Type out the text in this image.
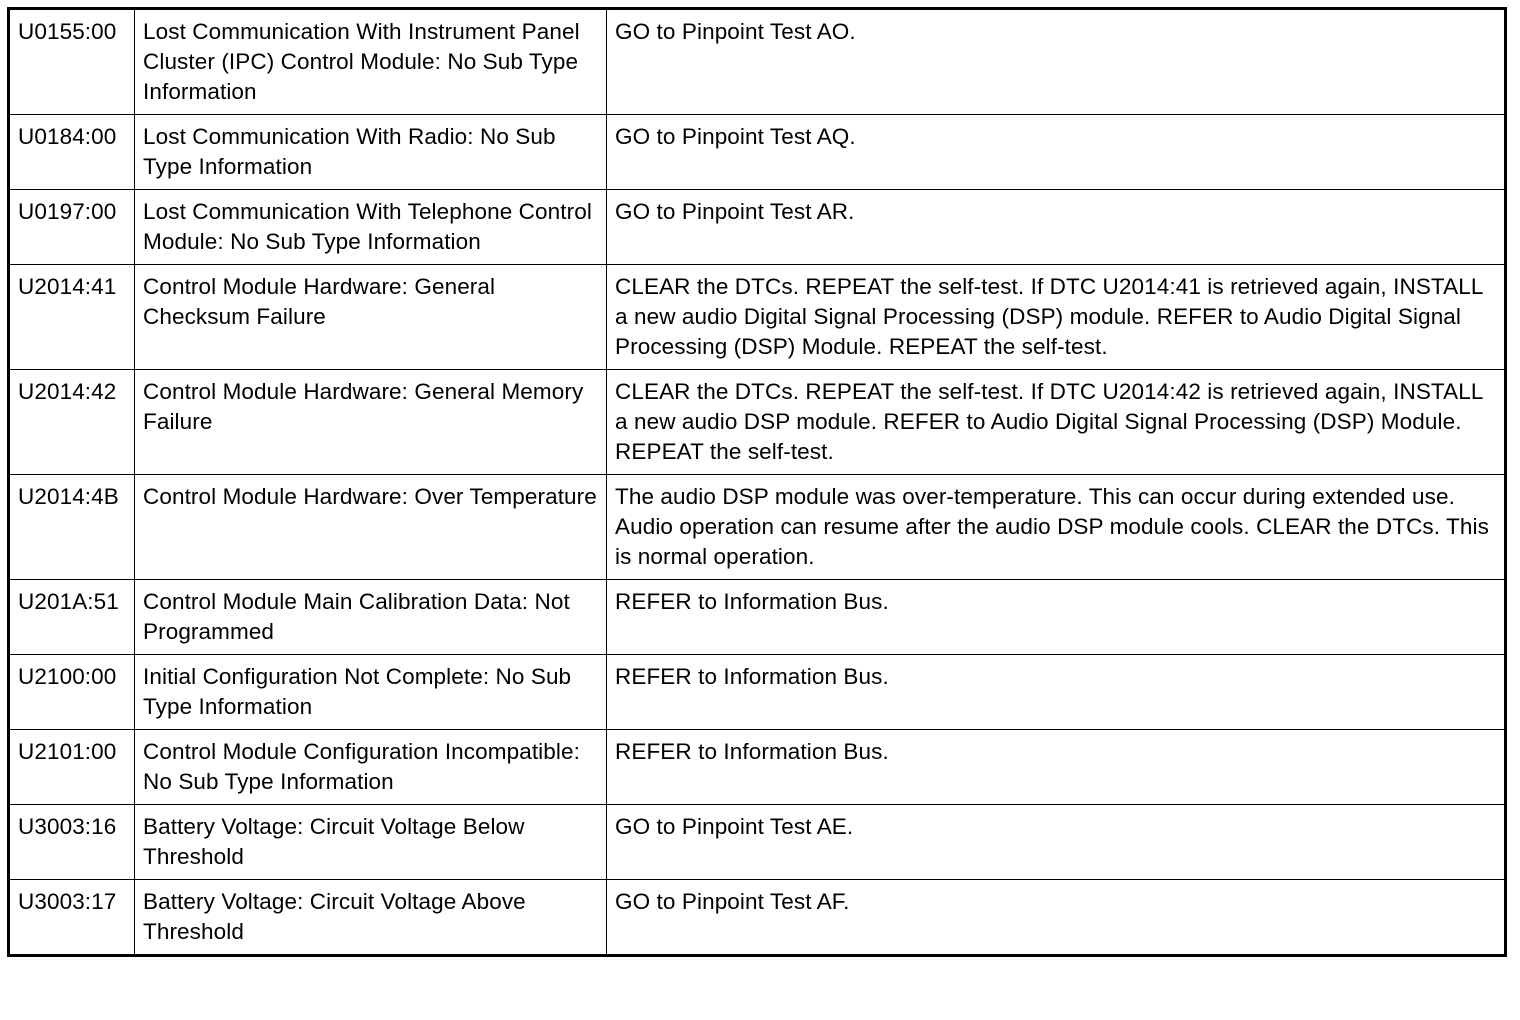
U0155:00	Lost Communication With Instrument Panel Cluster (IPC) Control Module: No Sub Type Information	GO to Pinpoint Test AO.
U0184:00	Lost Communication With Radio: No Sub Type Information	GO to Pinpoint Test AQ.
U0197:00	Lost Communication With Telephone Control Module: No Sub Type Information	GO to Pinpoint Test AR.
U2014:41	Control Module Hardware: General Checksum Failure	CLEAR the DTCs. REPEAT the self-test. If DTC U2014:41 is retrieved again, INSTALL a new audio Digital Signal Processing (DSP) module. REFER to Audio Digital Signal Processing (DSP) Module. REPEAT the self-test.
U2014:42	Control Module Hardware: General Memory Failure	CLEAR the DTCs. REPEAT the self-test. If DTC U2014:42 is retrieved again, INSTALL a new audio DSP module. REFER to Audio Digital Signal Processing (DSP) Module. REPEAT the self-test.
U2014:4B	Control Module Hardware: Over Temperature	The audio DSP module was over-temperature. This can occur during extended use. Audio operation can resume after the audio DSP module cools. CLEAR the DTCs. This is normal operation.
U201A:51	Control Module Main Calibration Data: Not Programmed	REFER to Information Bus.
U2100:00	Initial Configuration Not Complete: No Sub Type Information	REFER to Information Bus.
U2101:00	Control Module Configuration Incompatible: No Sub Type Information	REFER to Information Bus.
U3003:16	Battery Voltage: Circuit Voltage Below Threshold	GO to Pinpoint Test AE.
U3003:17	Battery Voltage: Circuit Voltage Above Threshold	GO to Pinpoint Test AF.
